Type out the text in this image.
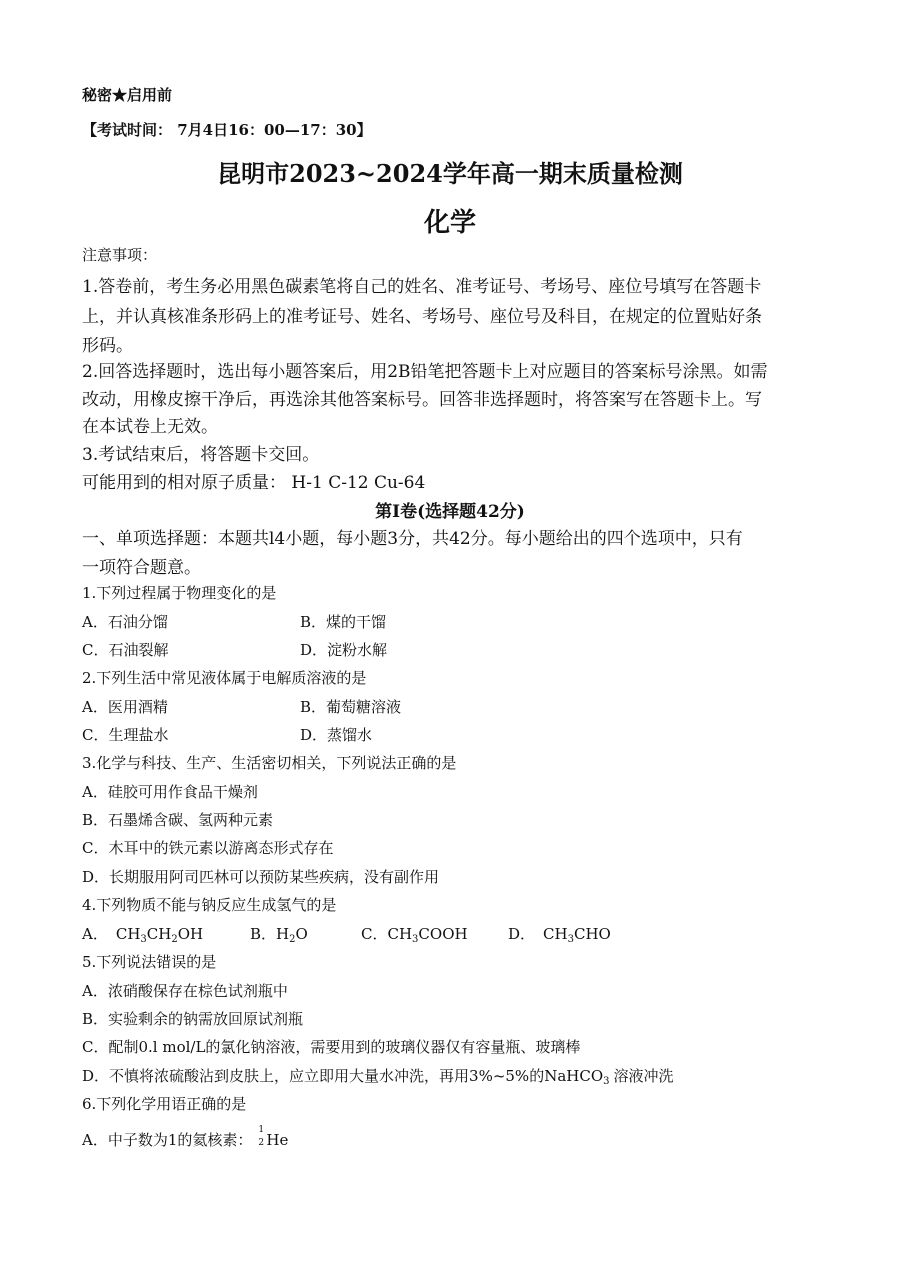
秘密★启用前
【考试时间： 7月4日16：00—17：30】
昆明市2023~2024学年高一期末质量检测
化学
注意事项：
1.答卷前，考生务必用黑色碳素笔将自己的姓名、准考证号、考场号、座位号填写在答题卡
上，并认真核准条形码上的准考证号、姓名、考场号、座位号及科目，在规定的位置贴好条
形码。
2.回答选择题时，选出每小题答案后，用2B铅笔把答题卡上对应题目的答案标号涂黑。如需
改动，用橡皮擦干净后，再选涂其他答案标号。回答非选择题时，将答案写在答题卡上。写
在本试卷上无效。
3.考试结束后，将答题卡交回。
可能用到的相对原子质量： H-1 C-12 Cu-64
第I卷(选择题42分)
一、单项选择题：本题共l4小题，每小题3分，共42分。每小题给出的四个选项中，只有
一项符合题意。
1.下列过程属于物理变化的是
A．石油分馏	B．煤的干馏
C．石油裂解	D．淀粉水解
2.下列生活中常见液体属于电解质溶液的是
A．医用酒精	B．葡萄糖溶液
C．生理盐水	D．蒸馏水
3.化学与科技、生产、生活密切相关，下列说法正确的是
A．硅胶可用作食品干燥剂
B．石墨烯含碳、氢两种元素
C．木耳中的铁元素以游离态形式存在
D．长期服用阿司匹林可以预防某些疾病，没有副作用
4.下列物质不能与钠反应生成氢气的是
A． $CH_3CH_2OH$	B．$H_2O$	C．$CH_3COOH$	D． $CH_3CHO$
5.下列说法错误的是
A．浓硝酸保存在棕色试剂瓶中
B．实验剩余的钠需放回原试剂瓶
C．配制0.l mol/L的氯化钠溶液，需要用到的玻璃仪器仅有容量瓶、玻璃棒
D．不慎将浓硫酸沾到皮肤上，应立即用大量水冲洗，再用3%~5%的NaHCO$_3$ 溶液冲洗
6.下列化学用语正确的是
A．中子数为1的氦核素：
1
2 He
